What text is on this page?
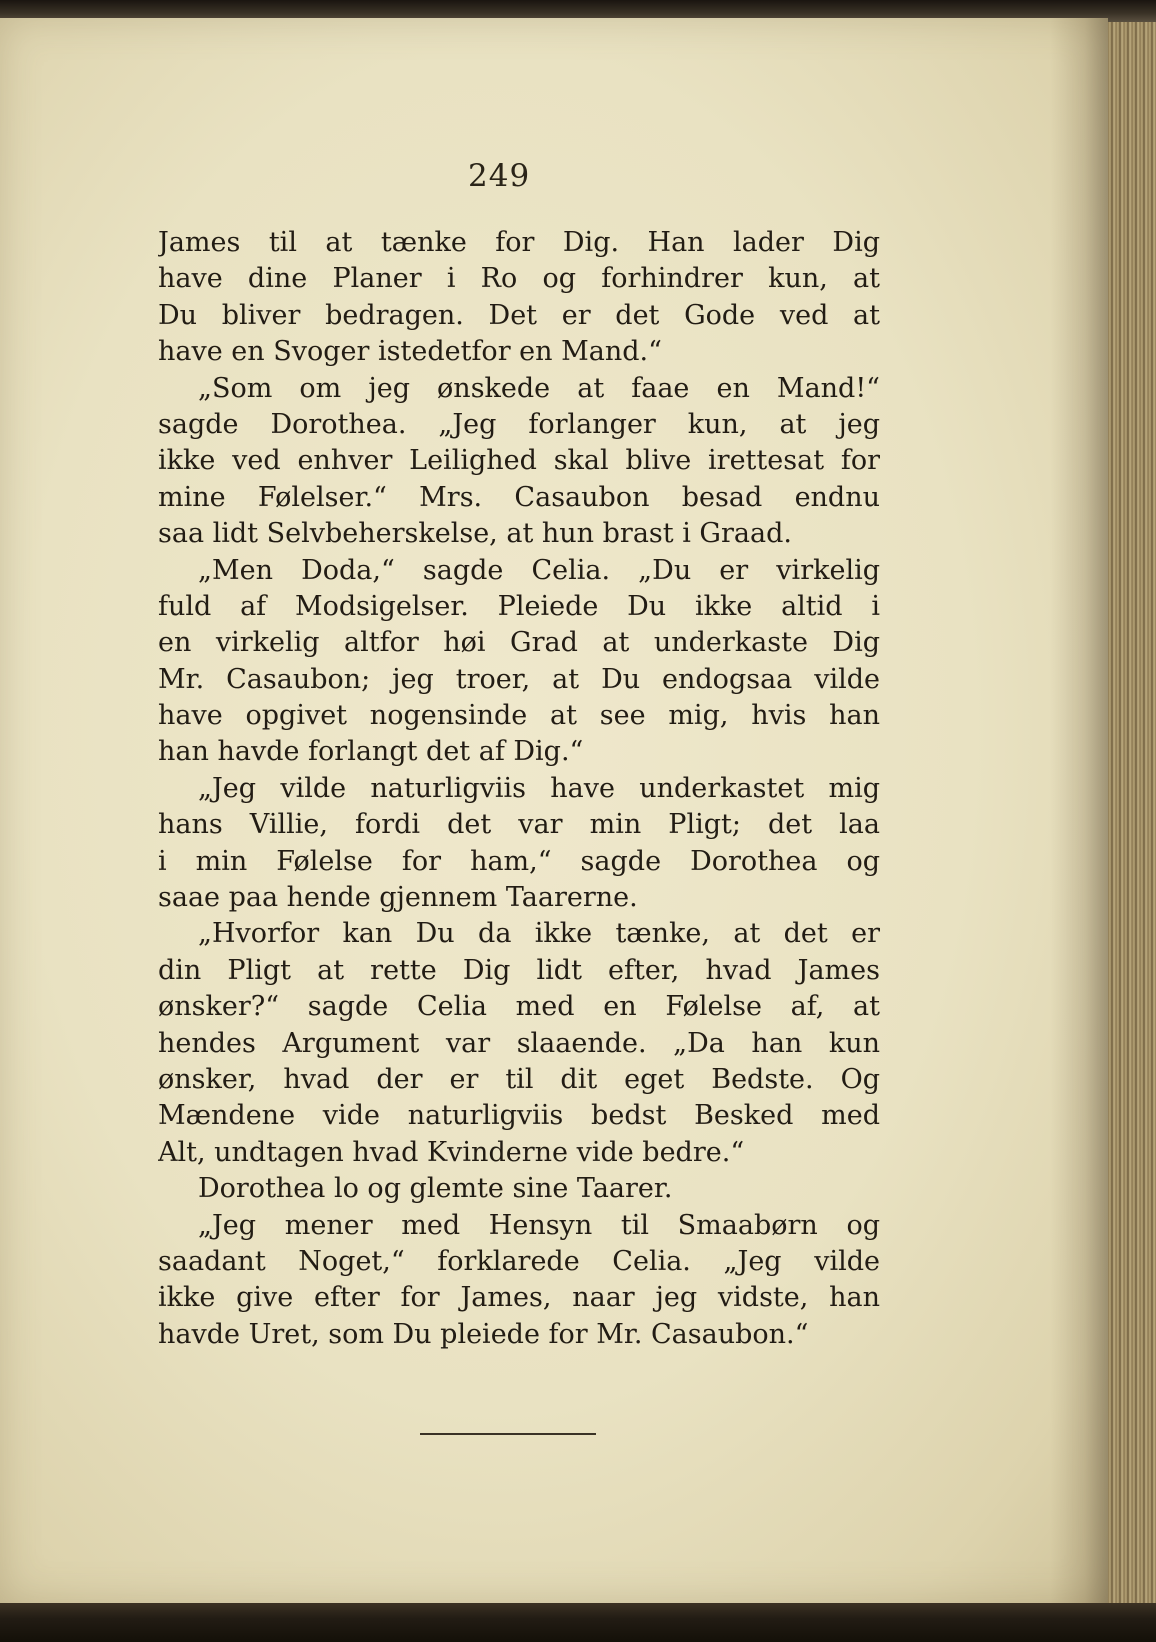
249
James til at tænke for Dig. Han lader Dig
have dine Planer i Ro og forhindrer kun, at
Du bliver bedragen. Det er det Gode ved at
have en Svoger istedetfor en Mand.“
„Som om jeg ønskede at faae en Mand!“
sagde Dorothea. „Jeg forlanger kun, at jeg
ikke ved enhver Leilighed skal blive irettesat for
mine Følelser.“ Mrs. Casaubon besad endnu
saa lidt Selvbeherskelse, at hun brast i Graad.
„Men Doda,“ sagde Celia. „Du er virkelig
fuld af Modsigelser. Pleiede Du ikke altid i
en virkelig altfor høi Grad at underkaste Dig
Mr. Casaubon; jeg troer, at Du endogsaa vilde
have opgivet nogensinde at see mig, hvis han
han havde forlangt det af Dig.“
„Jeg vilde naturligviis have underkastet mig
hans Villie, fordi det var min Pligt; det laa
i min Følelse for ham,“ sagde Dorothea og
saae paa hende gjennem Taarerne.
„Hvorfor kan Du da ikke tænke, at det er
din Pligt at rette Dig lidt efter, hvad James
ønsker?“ sagde Celia med en Følelse af, at
hendes Argument var slaaende. „Da han kun
ønsker, hvad der er til dit eget Bedste. Og
Mændene vide naturligviis bedst Besked med
Alt, undtagen hvad Kvinderne vide bedre.“
Dorothea lo og glemte sine Taarer.
„Jeg mener med Hensyn til Smaabørn og
saadant Noget,“ forklarede Celia. „Jeg vilde
ikke give efter for James, naar jeg vidste, han
havde Uret, som Du pleiede for Mr. Casaubon.“
